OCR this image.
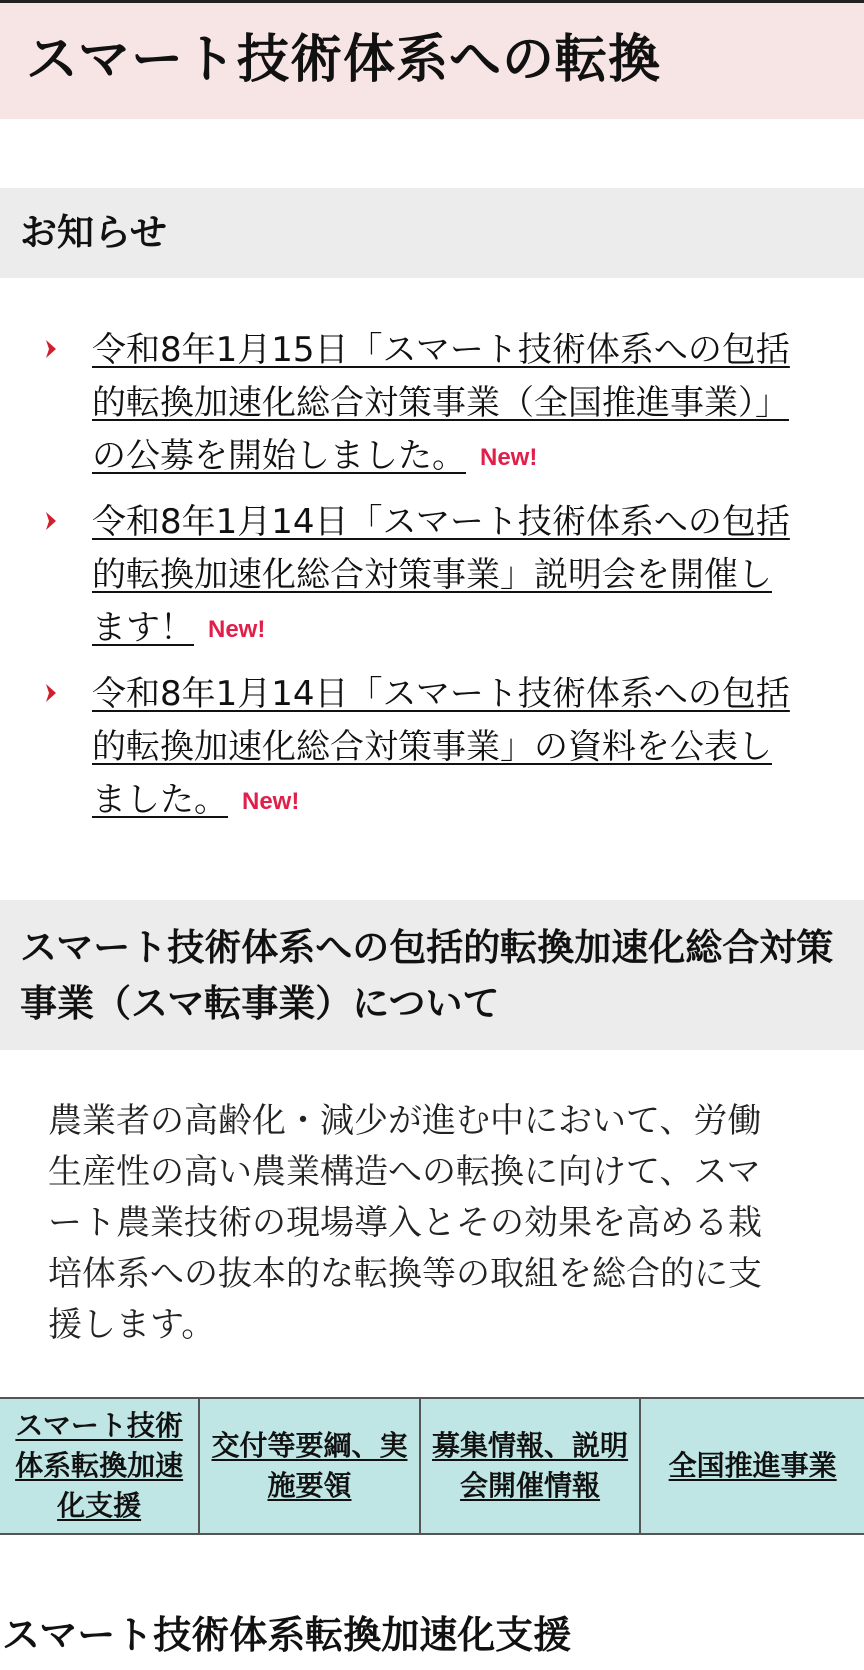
スマート技術体系への転換
お知らせ
令和8年1月15日「スマート技術体系への包括的転換加速化総合対策事業（全国推進事業）」の公募を開始しました。 New!
令和8年1月14日「スマート技術体系への包括的転換加速化総合対策事業」説明会を開催します！ New!
令和8年1月14日「スマート技術体系への包括的転換加速化総合対策事業」の資料を公表しました。 New!
スマート技術体系への包括的転換加速化総合対策事業（スマ転事業）について

農業者の高齢化・減少が進む中において、労働生産性の高い農業構造への転換に向けて、スマート農業技術の現場導入とその効果を高める栽培体系への抜本的な転換等の取組を総合的に支援します。

スマート技術体系転換加速化支援	交付等要綱、実施要領	募集情報、説明会開催情報	全国推進事業
スマート技術体系転換加速化支援
